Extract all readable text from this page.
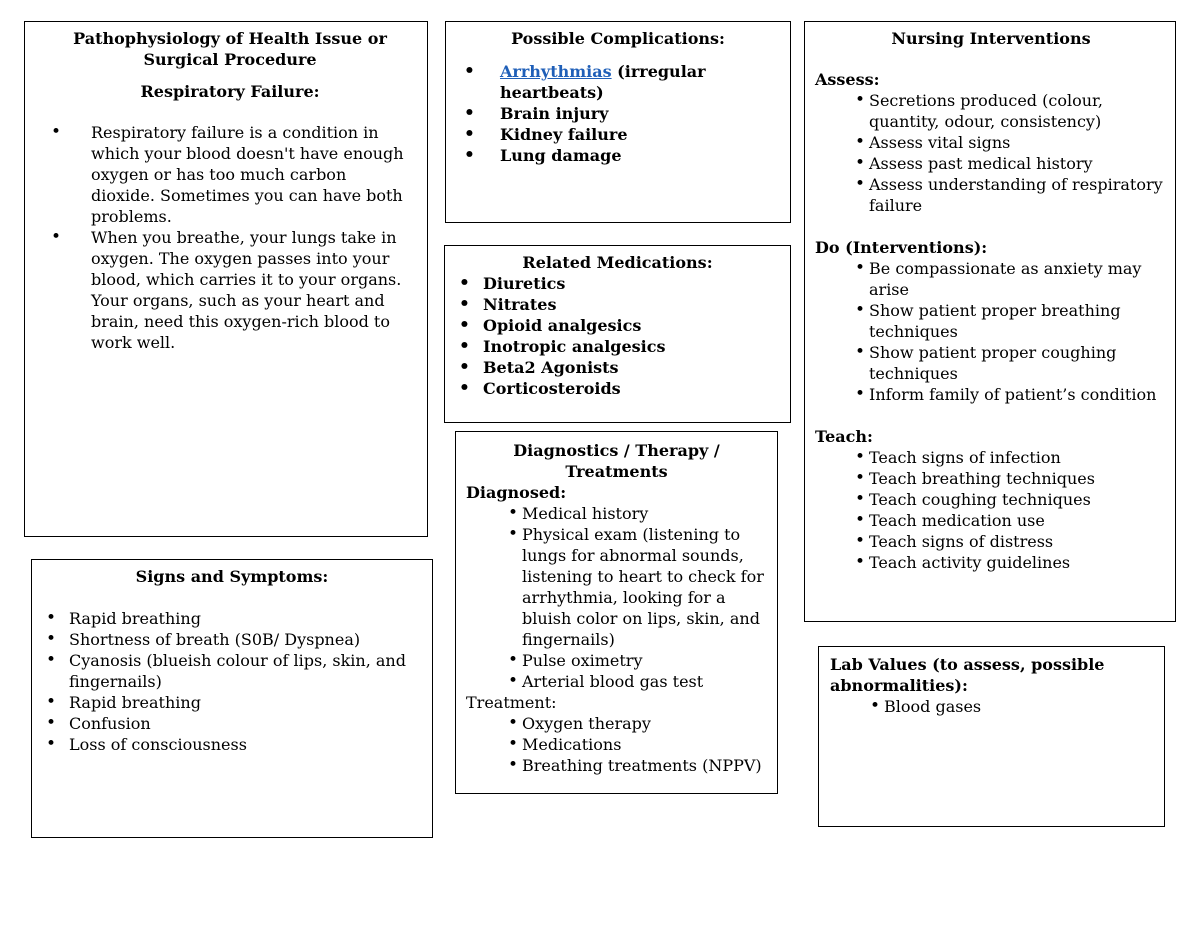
Pathophysiology of Health Issue or Surgical Procedure
Respiratory Failure:
• Respiratory failure is a condition in which your blood doesn't have enough oxygen or has too much carbon dioxide. Sometimes you can have both problems.
• When you breathe, your lungs take in oxygen. The oxygen passes into your blood, which carries it to your organs. Your organs, such as your heart and brain, need this oxygen-rich blood to work well.
Possible Complications:
• Arrhythmias (irregular heartbeats)
• Brain injury
• Kidney failure
• Lung damage
Related Medications:
• Diuretics
• Nitrates
• Opioid analgesics
• Inotropic analgesics
• Beta2 Agonists
• Corticosteroids
Diagnostics / Therapy / Treatments
Diagnosed:
• Medical history
• Physical exam (listening to lungs for abnormal sounds, listening to heart to check for arrhythmia, looking for a bluish color on lips, skin, and fingernails)
• Pulse oximetry
• Arterial blood gas test
Treatment:
• Oxygen therapy
• Medications
• Breathing treatments (NPPV)
Nursing Interventions
Assess:
• Secretions produced (colour, quantity, odour, consistency)
• Assess vital signs
• Assess past medical history
• Assess understanding of respiratory failure
Do (Interventions):
• Be compassionate as anxiety may arise
• Show patient proper breathing techniques
• Show patient proper coughing techniques
• Inform family of patient’s condition
Teach:
• Teach signs of infection
• Teach breathing techniques
• Teach coughing techniques
• Teach medication use
• Teach signs of distress
• Teach activity guidelines
Signs and Symptoms:
• Rapid breathing
• Shortness of breath (S0B/ Dyspnea)
• Cyanosis (blueish colour of lips, skin, and fingernails)
• Rapid breathing
• Confusion
• Loss of consciousness
Lab Values (to assess, possible abnormalities):
• Blood gases
